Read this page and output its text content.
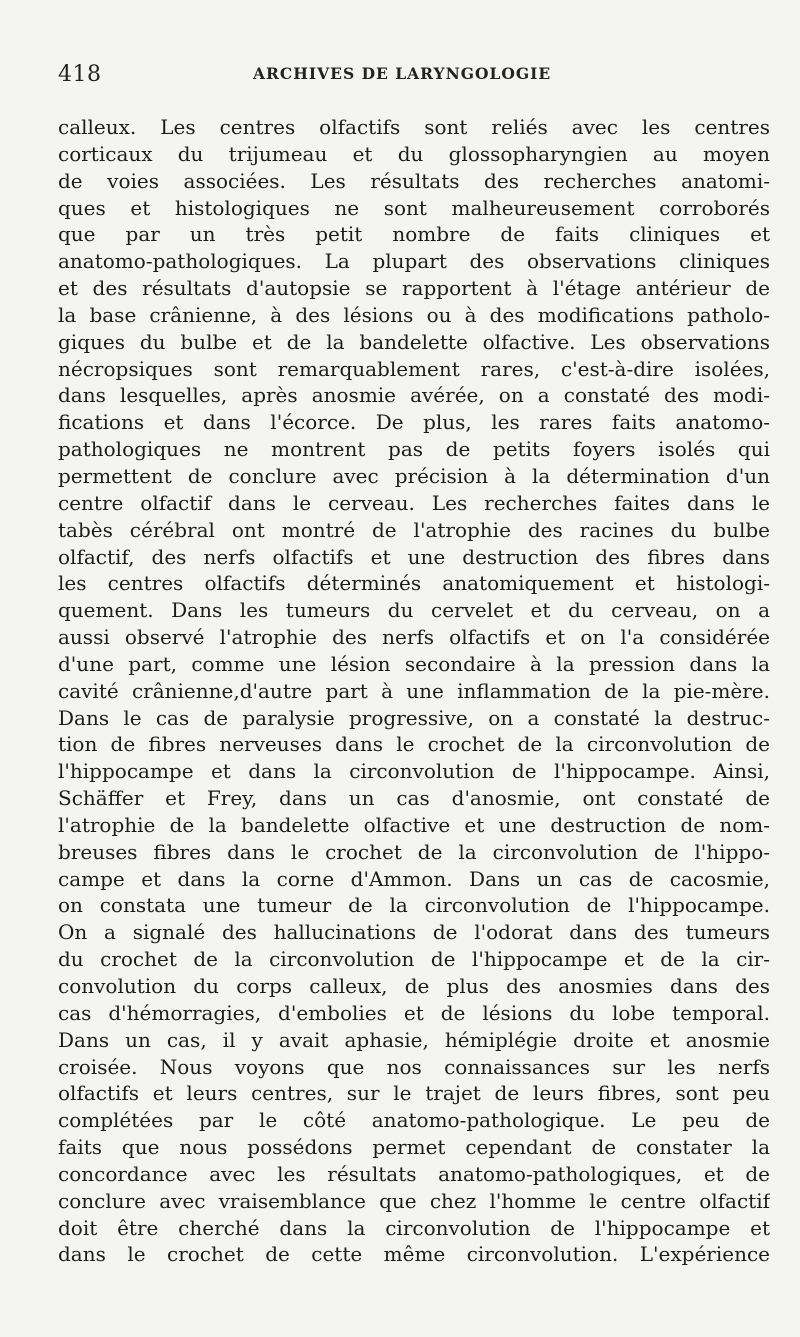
418	ARCHIVES DE LARYNGOLOGIE
calleux. Les centres olfactifs sont reliés avec les centres
corticaux du trijumeau et du glossopharyngien au moyen
de voies associées. Les résultats des recherches anatomi-
ques et histologiques ne sont malheureusement corroborés
que par un très petit nombre de faits cliniques et
anatomo-pathologiques. La plupart des observations cliniques
et des résultats d'autopsie se rapportent à l'étage antérieur de
la base crânienne, à des lésions ou à des modifications patholo-
giques du bulbe et de la bandelette olfactive. Les observations
nécropsiques sont remarquablement rares, c'est-à-dire isolées,
dans lesquelles, après anosmie avérée, on a constaté des modi-
fications et dans l'écorce. De plus, les rares faits anatomo-
pathologiques ne montrent pas de petits foyers isolés qui
permettent de conclure avec précision à la détermination d'un
centre olfactif dans le cerveau. Les recherches faites dans le
tabès cérébral ont montré de l'atrophie des racines du bulbe
olfactif, des nerfs olfactifs et une destruction des fibres dans
les centres olfactifs déterminés anatomiquement et histologi-
quement. Dans les tumeurs du cervelet et du cerveau, on a
aussi observé l'atrophie des nerfs olfactifs et on l'a considérée
d'une part, comme une lésion secondaire à la pression dans la
cavité crânienne,d'autre part à une inflammation de la pie-mère.
Dans le cas de paralysie progressive, on a constaté la destruc-
tion de fibres nerveuses dans le crochet de la circonvolution de
l'hippocampe et dans la circonvolution de l'hippocampe. Ainsi,
Schäffer et Frey, dans un cas d'anosmie, ont constaté de
l'atrophie de la bandelette olfactive et une destruction de nom-
breuses fibres dans le crochet de la circonvolution de l'hippo-
campe et dans la corne d'Ammon. Dans un cas de cacosmie,
on constata une tumeur de la circonvolution de l'hippocampe.
On a signalé des hallucinations de l'odorat dans des tumeurs
du crochet de la circonvolution de l'hippocampe et de la cir-
convolution du corps calleux, de plus des anosmies dans des
cas d'hémorragies, d'embolies et de lésions du lobe temporal.
Dans un cas, il y avait aphasie, hémiplégie droite et anosmie
croisée. Nous voyons que nos connaissances sur les nerfs
olfactifs et leurs centres, sur le trajet de leurs fibres, sont peu
complétées par le côté anatomo-pathologique. Le peu de
faits que nous possédons permet cependant de constater la
concordance avec les résultats anatomo-pathologiques, et de
conclure avec vraisemblance que chez l'homme le centre olfactif
doit être cherché dans la circonvolution de l'hippocampe et
dans le crochet de cette même circonvolution. L'expérience
